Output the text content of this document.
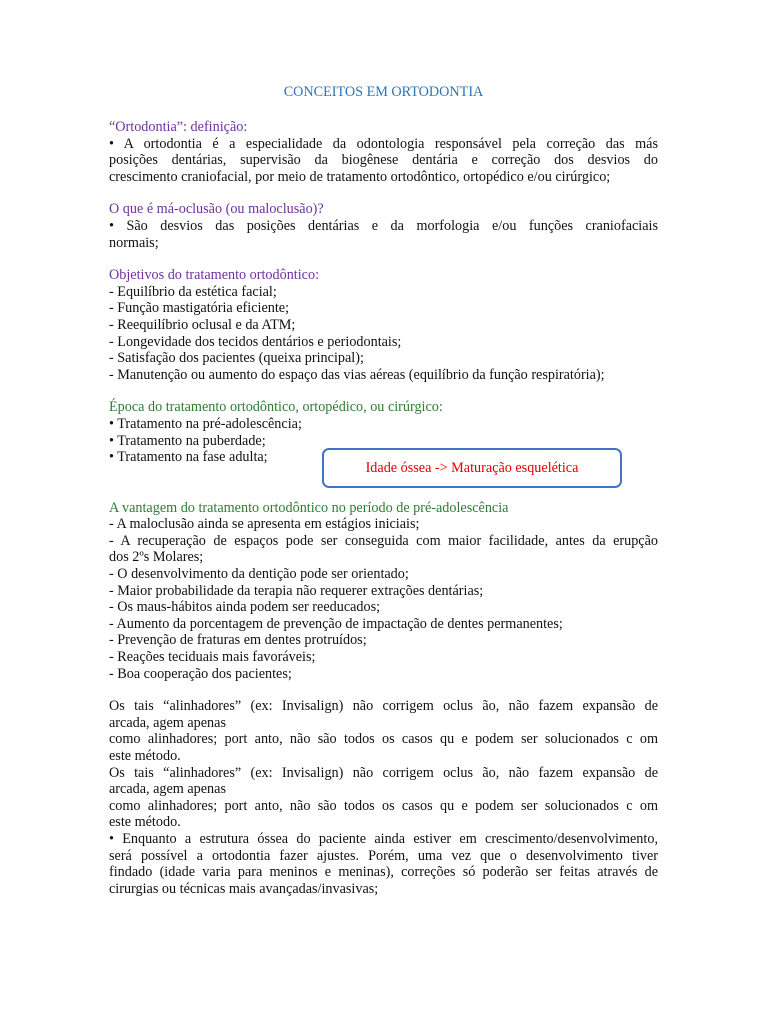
CONCEITOS EM ORTODONTIA

“Ortodontia”: definição:

• A ortodontia é a especialidade da odontologia responsável pela correção das más

posições dentárias, supervisão da biogênese dentária e correção dos desvios do

crescimento craniofacial, por meio de tratamento ortodôntico, ortopédico e/ou cirúrgico;

O que é má-oclusão (ou maloclusão)?

• São desvios das posições dentárias e da morfologia e/ou funções craniofaciais

normais;

Objetivos do tratamento ortodôntico:

- Equilíbrio da estética facial;

- Função mastigatória eficiente;

- Reequilíbrio oclusal e da ATM;

- Longevidade dos tecidos dentários e periodontais;

- Satisfação dos pacientes (queixa principal);

- Manutenção ou aumento do espaço das vias aéreas (equilíbrio da função respiratória);

Época do tratamento ortodôntico, ortopédico, ou cirúrgico:

• Tratamento na pré-adolescência;

• Tratamento na puberdade;

• Tratamento na fase adulta;

A vantagem do tratamento ortodôntico no período de pré-adolescência

- A maloclusão ainda se apresenta em estágios iniciais;

- A recuperação de espaços pode ser conseguida com maior facilidade, antes da erupção

dos 2ºs Molares;

- O desenvolvimento da dentição pode ser orientado;

- Maior probabilidade da terapia não requerer extrações dentárias;

- Os maus-hábitos ainda podem ser reeducados;

- Aumento da porcentagem de prevenção de impactação de dentes permanentes;

- Prevenção de fraturas em dentes protruídos;

- Reações teciduais mais favoráveis;

- Boa cooperação dos pacientes;

Os tais “alinhadores” (ex: Invisalign) não corrigem oclus ão, não fazem expansão de

arcada, agem apenas

como alinhadores; port anto, não são todos os casos qu e podem ser solucionados c om

este método.

Os tais “alinhadores” (ex: Invisalign) não corrigem oclus ão, não fazem expansão de

arcada, agem apenas

como alinhadores; port anto, não são todos os casos qu e podem ser solucionados c om

este método.

• Enquanto a estrutura óssea do paciente ainda estiver em crescimento/desenvolvimento,

será possível a ortodontia fazer ajustes. Porém, uma vez que o desenvolvimento tiver

findado (idade varia para meninos e meninas), correções só poderão ser feitas através de

cirurgias ou técnicas mais avançadas/invasivas;

Idade óssea -> Maturação esquelética
